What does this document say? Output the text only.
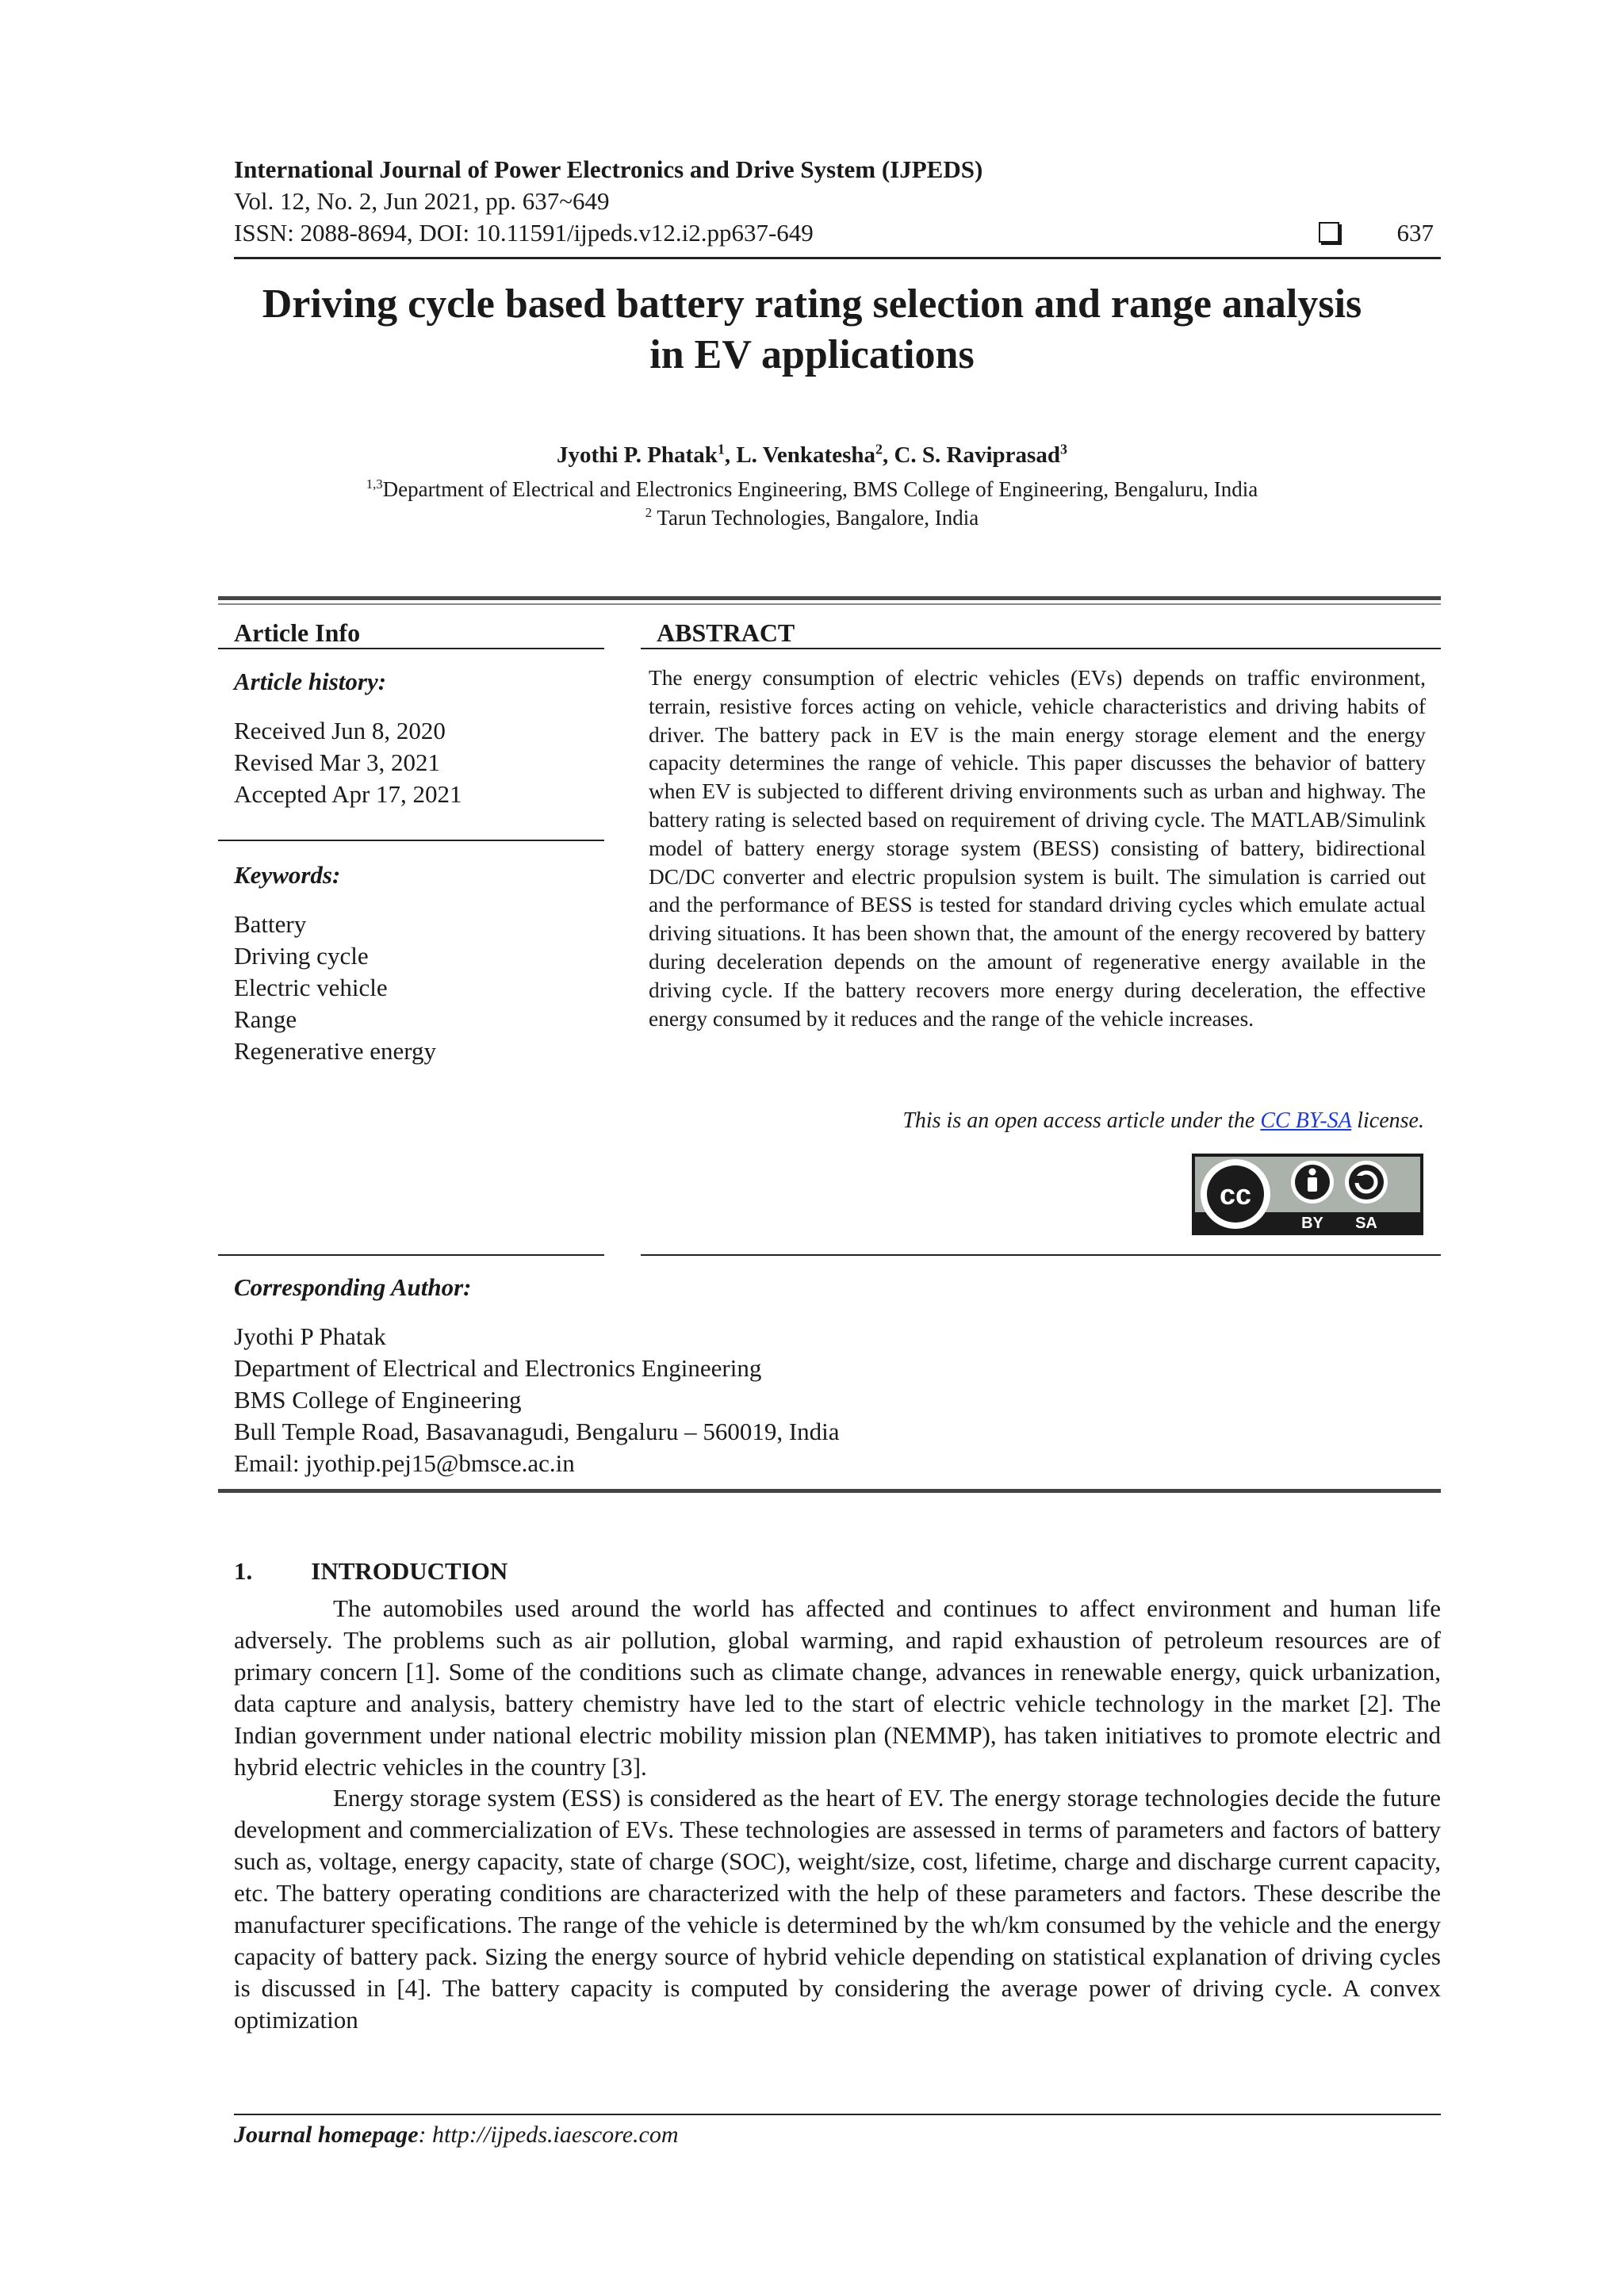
International Journal of Power Electronics and Drive System (IJPEDS)
Vol. 12, No. 2, Jun 2021, pp. 637~649
ISSN: 2088-8694, DOI: 10.11591/ijpeds.v12.i2.pp637-649	637
Driving cycle based battery rating selection and range analysis
in EV applications
Jyothi P. Phatak$^1$, L. Venkatesha$^2$, C. S. Raviprasad$^3$
$^{1,3}$Department of Electrical and Electronics Engineering, BMS College of Engineering, Bengaluru, India
$^2$ Tarun Technologies, Bangalore, India
Article Info
Article history:
Received Jun 8, 2020
Revised Mar 3, 2021
Accepted Apr 17, 2021
Keywords:
Battery
Driving cycle
Electric vehicle
Range
Regenerative energy
ABSTRACT
The energy consumption of electric vehicles (EVs) depends on traffic environment, terrain, resistive forces acting on vehicle, vehicle characteristics and driving habits of driver. The battery pack in EV is the main energy storage element and the energy capacity determines the range of vehicle. This paper discusses the behavior of battery when EV is subjected to different driving environments such as urban and highway. The battery rating is selected based on requirement of driving cycle. The MATLAB/Simulink model of battery energy storage system (BESS) consisting of battery, bidirectional DC/DC converter and electric propulsion system is built. The simulation is carried out and the performance of BESS is tested for standard driving cycles which emulate actual driving situations. It has been shown that, the amount of the energy recovered by battery during deceleration depends on the amount of regenerative energy available in the driving cycle. If the battery recovers more energy during deceleration, the effective energy consumed by it reduces and the range of the vehicle increases.
This is an open access article under the CC BY-SA license.
cc
BY SA
Corresponding Author:
Jyothi P Phatak
Department of Electrical and Electronics Engineering
BMS College of Engineering
Bull Temple Road, Basavanagudi, Bengaluru – 560019, India
Email: jyothip.pej15@bmsce.ac.in
1. INTRODUCTION

The automobiles used around the world has affected and continues to affect environment and human life adversely. The problems such as air pollution, global warming, and rapid exhaustion of petroleum resources are of primary concern [1]. Some of the conditions such as climate change, advances in renewable energy, quick urbanization, data capture and analysis, battery chemistry have led to the start of electric vehicle technology in the market [2]. The Indian government under national electric mobility mission plan (NEMMP), has taken initiatives to promote electric and hybrid electric vehicles in the country [3].

Energy storage system (ESS) is considered as the heart of EV. The energy storage technologies decide the future development and commercialization of EVs. These technologies are assessed in terms of parameters and factors of battery such as, voltage, energy capacity, state of charge (SOC), weight/size, cost, lifetime, charge and discharge current capacity, etc. The battery operating conditions are characterized with the help of these parameters and factors. These describe the manufacturer specifications. The range of the vehicle is determined by the wh/km consumed by the vehicle and the energy capacity of battery pack. Sizing the energy source of hybrid vehicle depending on statistical explanation of driving cycles is discussed in [4]. The battery capacity is computed by considering the average power of driving cycle. A convex optimization

Journal homepage: http://ijpeds.iaescore.com
